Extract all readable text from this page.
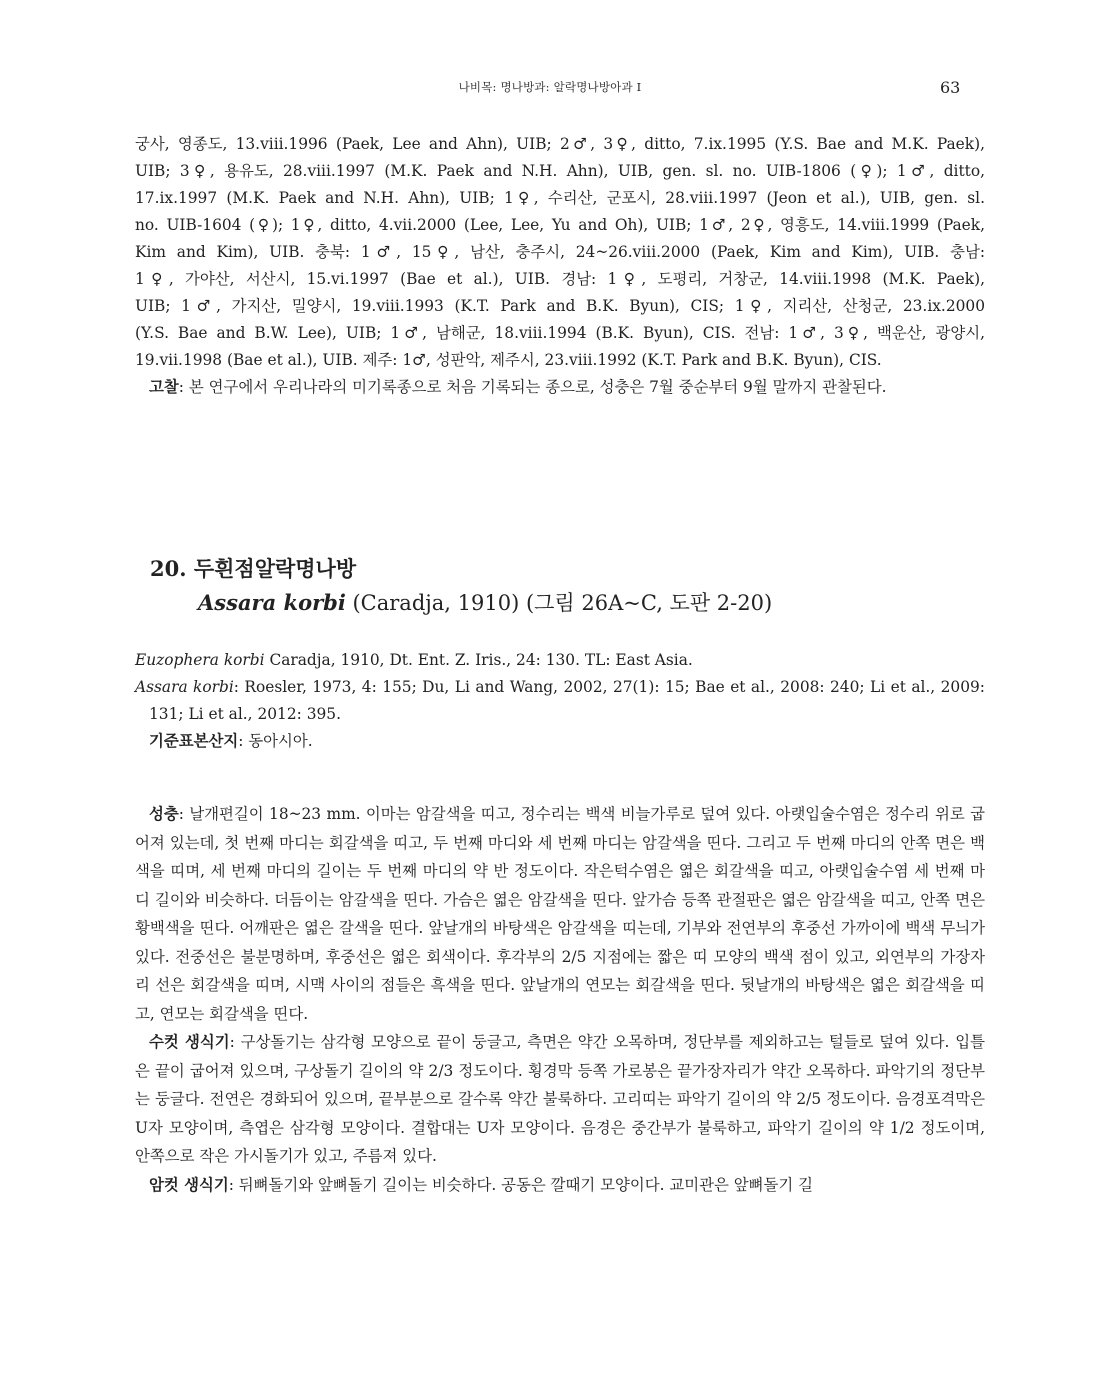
나비목: 명나방과: 알락명나방아과 I	63
궁사, 영종도, 13.viii.1996 (Paek, Lee and Ahn), UIB; 2♂, 3♀, ditto, 7.ix.1995 (Y.S. Bae and M.K. Paek),
UIB; 3♀, 용유도, 28.viii.1997 (M.K. Paek and N.H. Ahn), UIB, gen. sl. no. UIB-1806 (♀); 1♂, ditto,
17.ix.1997 (M.K. Paek and N.H. Ahn), UIB; 1♀, 수리산, 군포시, 28.viii.1997 (Jeon et al.), UIB, gen. sl.
no. UIB-1604 (♀); 1♀, ditto, 4.vii.2000 (Lee, Lee, Yu and Oh), UIB; 1♂, 2♀, 영흥도, 14.viii.1999 (Paek,
Kim and Kim), UIB. 충북: 1♂, 15♀, 남산, 충주시, 24~26.viii.2000 (Paek, Kim and Kim), UIB. 충남:
1♀, 가야산, 서산시, 15.vi.1997 (Bae et al.), UIB. 경남: 1♀, 도평리, 거창군, 14.viii.1998 (M.K. Paek),
UIB; 1♂, 가지산, 밀양시, 19.viii.1993 (K.T. Park and B.K. Byun), CIS; 1♀, 지리산, 산청군, 23.ix.2000
(Y.S. Bae and B.W. Lee), UIB; 1♂, 남해군, 18.viii.1994 (B.K. Byun), CIS. 전남: 1♂, 3♀, 백운산, 광양시,
19.vii.1998 (Bae et al.), UIB. 제주: 1♂, 성판악, 제주시, 23.viii.1992 (K.T. Park and B.K. Byun), CIS.

고찰: 본 연구에서 우리나라의 미기록종으로 처음 기록되는 종으로, 성충은 7월 중순부터 9월 말까지 관찰된다.

20. 두흰점알락명나방
Assara korbi (Caradja, 1910) (그림 26A~C, 도판 2-20)

Euzophera korbi Caradja, 1910, Dt. Ent. Z. Iris., 24: 130. TL: East Asia.

Assara korbi: Roesler, 1973, 4: 155; Du, Li and Wang, 2002, 27(1): 15; Bae et al., 2008: 240; Li et al., 2009: 131; Li et al., 2012: 395.

기준표본산지: 동아시아.

성충: 날개편길이 18~23 mm. 이마는 암갈색을 띠고, 정수리는 백색 비늘가루로 덮여 있다. 아랫입술수염은 정수리 위로 굽어져 있는데, 첫 번째 마디는 회갈색을 띠고, 두 번째 마디와 세 번째 마디는 암갈색을 띤다. 그리고 두 번째 마디의 안쪽 면은 백색을 띠며, 세 번째 마디의 길이는 두 번째 마디의 약 반 정도이다. 작은턱수염은 엷은 회갈색을 띠고, 아랫입술수염 세 번째 마디 길이와 비슷하다. 더듬이는 암갈색을 띤다. 가슴은 엷은 암갈색을 띤다. 앞가슴 등쪽 관절판은 엷은 암갈색을 띠고, 안쪽 면은 황백색을 띤다. 어깨판은 엷은 갈색을 띤다. 앞날개의 바탕색은 암갈색을 띠는데, 기부와 전연부의 후중선 가까이에 백색 무늬가 있다. 전중선은 불분명하며, 후중선은 엷은 회색이다. 후각부의 2/5 지점에는 짧은 띠 모양의 백색 점이 있고, 외연부의 가장자리 선은 회갈색을 띠며, 시맥 사이의 점들은 흑색을 띤다. 앞날개의 연모는 회갈색을 띤다. 뒷날개의 바탕색은 엷은 회갈색을 띠고, 연모는 회갈색을 띤다.

수컷 생식기: 구상돌기는 삼각형 모양으로 끝이 둥글고, 측면은 약간 오목하며, 정단부를 제외하고는 털들로 덮여 있다. 입틀은 끝이 굽어져 있으며, 구상돌기 길이의 약 2/3 정도이다. 횡경막 등쪽 가로봉은 끝가장자리가 약간 오목하다. 파악기의 정단부는 둥글다. 전연은 경화되어 있으며, 끝부분으로 갈수록 약간 불룩하다. 고리띠는 파악기 길이의 약 2/5 정도이다. 음경포격막은 U자 모양이며, 측엽은 삼각형 모양이다. 결합대는 U자 모양이다. 음경은 중간부가 불룩하고, 파악기 길이의 약 1/2 정도이며, 안쪽으로 작은 가시돌기가 있고, 주름져 있다.

암컷 생식기: 뒤뼈돌기와 앞뼈돌기 길이는 비슷하다. 공동은 깔때기 모양이다. 교미관은 앞뼈돌기 길
